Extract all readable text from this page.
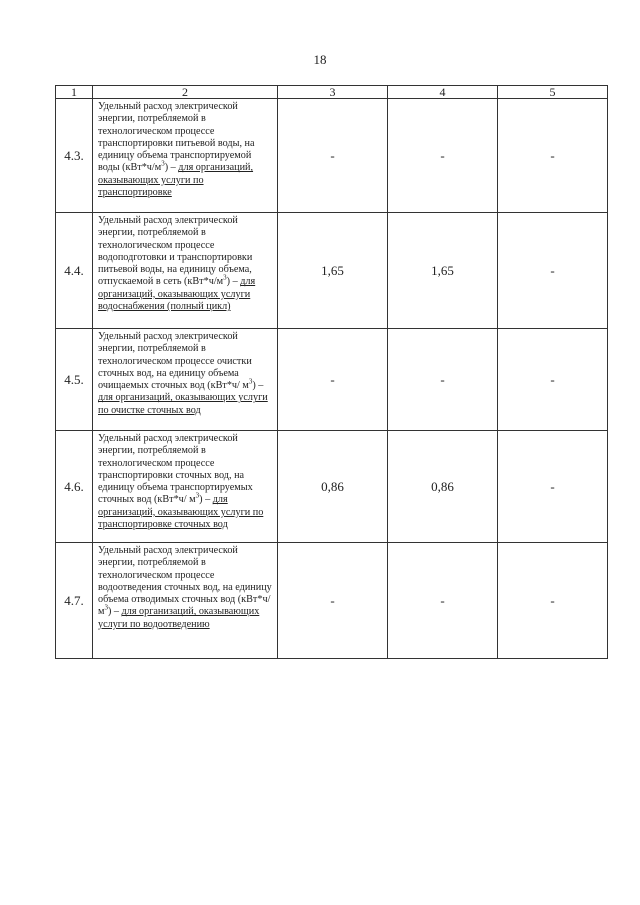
18
1	2	3	4	5
4.3.	Удельный расход электрической энергии, потребляемой в технологическом процессе транспортировки питьевой воды, на единицу объема транспортируемой воды $(кВт*ч/м^3)$ – для организаций, оказывающих услуги по транспортировке	-	-	-
4.4.	Удельный расход электрической энергии, потребляемой в технологическом процессе водоподготовки и транспортировки питьевой воды, на единицу объема, отпускаемой в сеть $(кВт*ч/м^3)$ – для организаций, оказывающих услуги водоснабжения (полный цикл)	1,65	1,65	-
4.5.	Удельный расход электрической энергии, потребляемой в технологическом процессе очистки сточных вод, на единицу объема очищаемых сточных вод (кВт*ч/ $м^3$) – для организаций, оказывающих услуги по очистке сточных вод	-	-	-
4.6.	Удельный расход электрической энергии, потребляемой в технологическом процессе транспортировки сточных вод, на единицу объема транспортируемых сточных вод (кВт*ч/ $м^3$) – для организаций, оказывающих услуги по транспортировке сточных вод	0,86	0,86	-
4.7.	Удельный расход электрической энергии, потребляемой в технологическом процессе водоотведения сточных вод, на единицу объема отводимых сточных вод (кВт*ч/ $м^3$) – для организаций, оказывающих услуги по водоотведению	-	-	-
